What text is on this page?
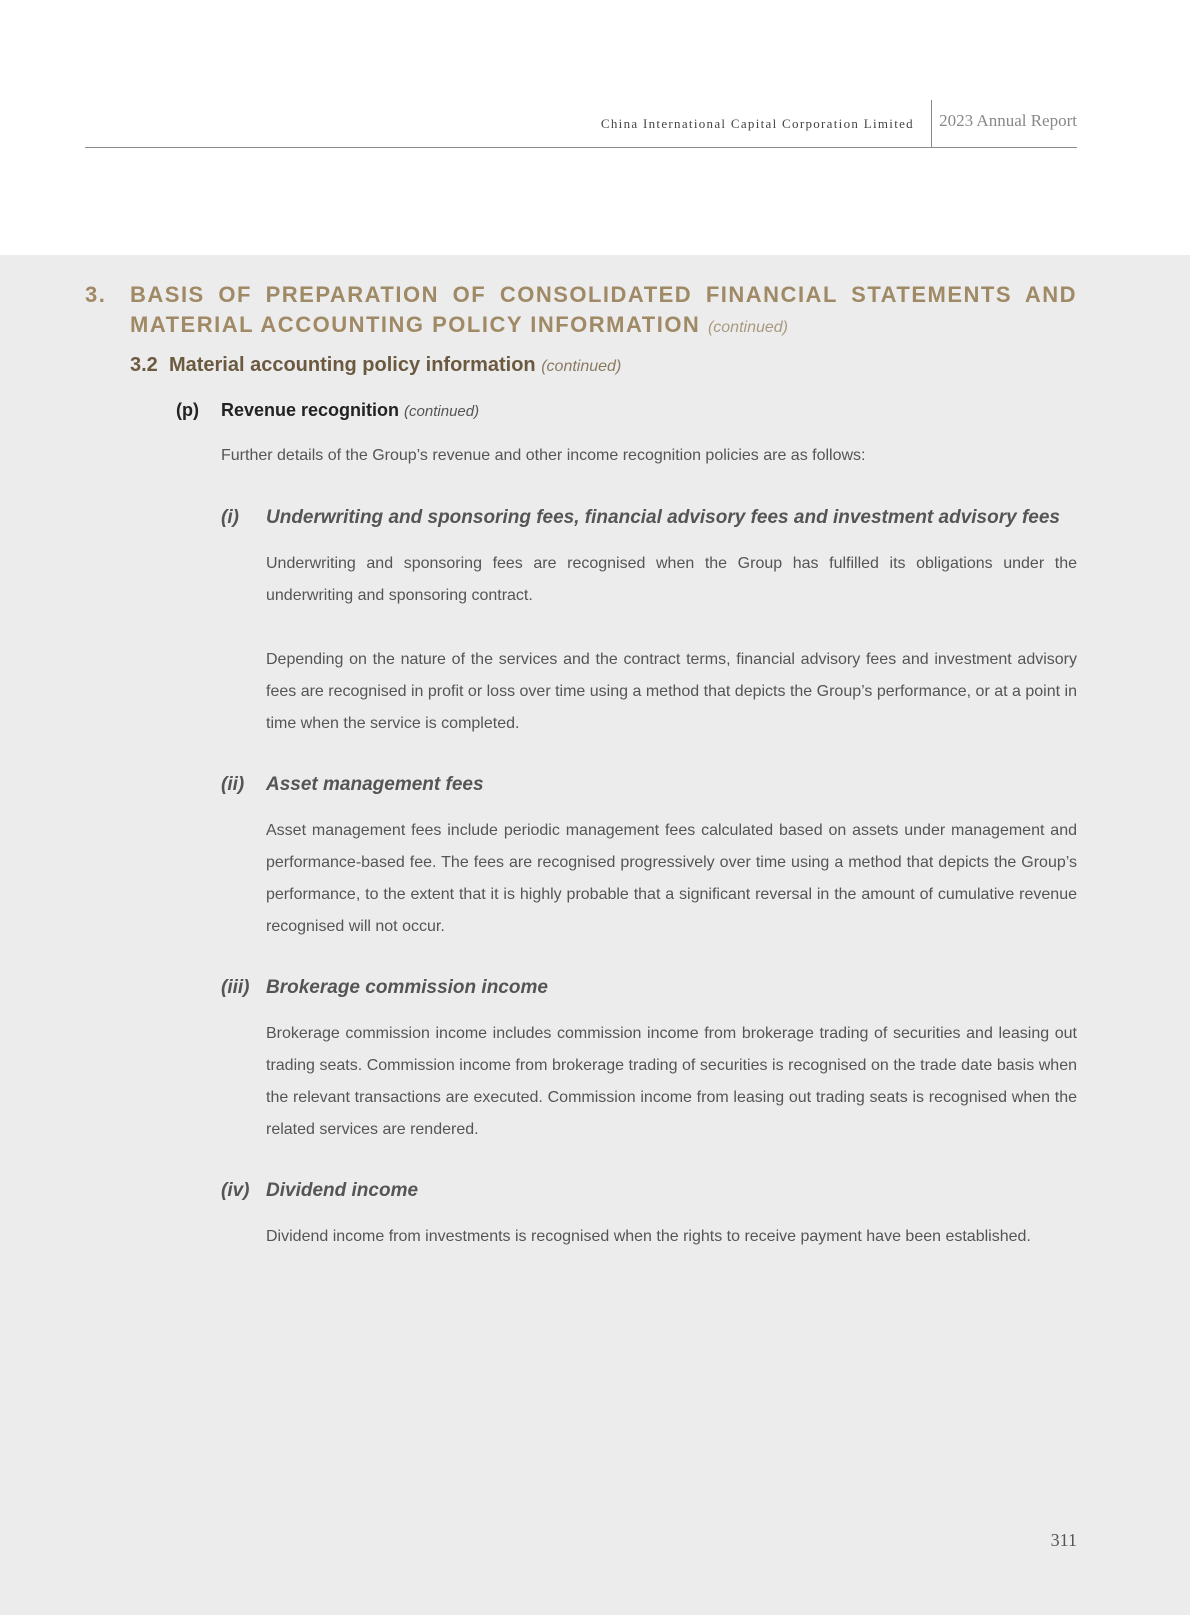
China International Capital Corporation Limited 2023 Annual Report
3. BASIS OF PREPARATION OF CONSOLIDATED FINANCIAL STATEMENTS AND
MATERIAL ACCOUNTING POLICY INFORMATION (continued)
3.2 Material accounting policy information (continued)
(p) Revenue recognition (continued)
Further details of the Group’s revenue and other income recognition policies are as follows:
(i) Underwriting and sponsoring fees, financial advisory fees and investment advisory fees
Underwriting and sponsoring fees are recognised when the Group has fulfilled its obligations under the underwriting and sponsoring contract.
Depending on the nature of the services and the contract terms, financial advisory fees and investment advisory fees are recognised in profit or loss over time using a method that depicts the Group’s performance, or at a point in time when the service is completed.
(ii) Asset management fees
Asset management fees include periodic management fees calculated based on assets under management and performance-based fee. The fees are recognised progressively over time using a method that depicts the Group’s performance, to the extent that it is highly probable that a significant reversal in the amount of cumulative revenue recognised will not occur.
(iii) Brokerage commission income
Brokerage commission income includes commission income from brokerage trading of securities and leasing out trading seats. Commission income from brokerage trading of securities is recognised on the trade date basis when the relevant transactions are executed. Commission income from leasing out trading seats is recognised when the related services are rendered.
(iv) Dividend income
Dividend income from investments is recognised when the rights to receive payment have been established.
311
